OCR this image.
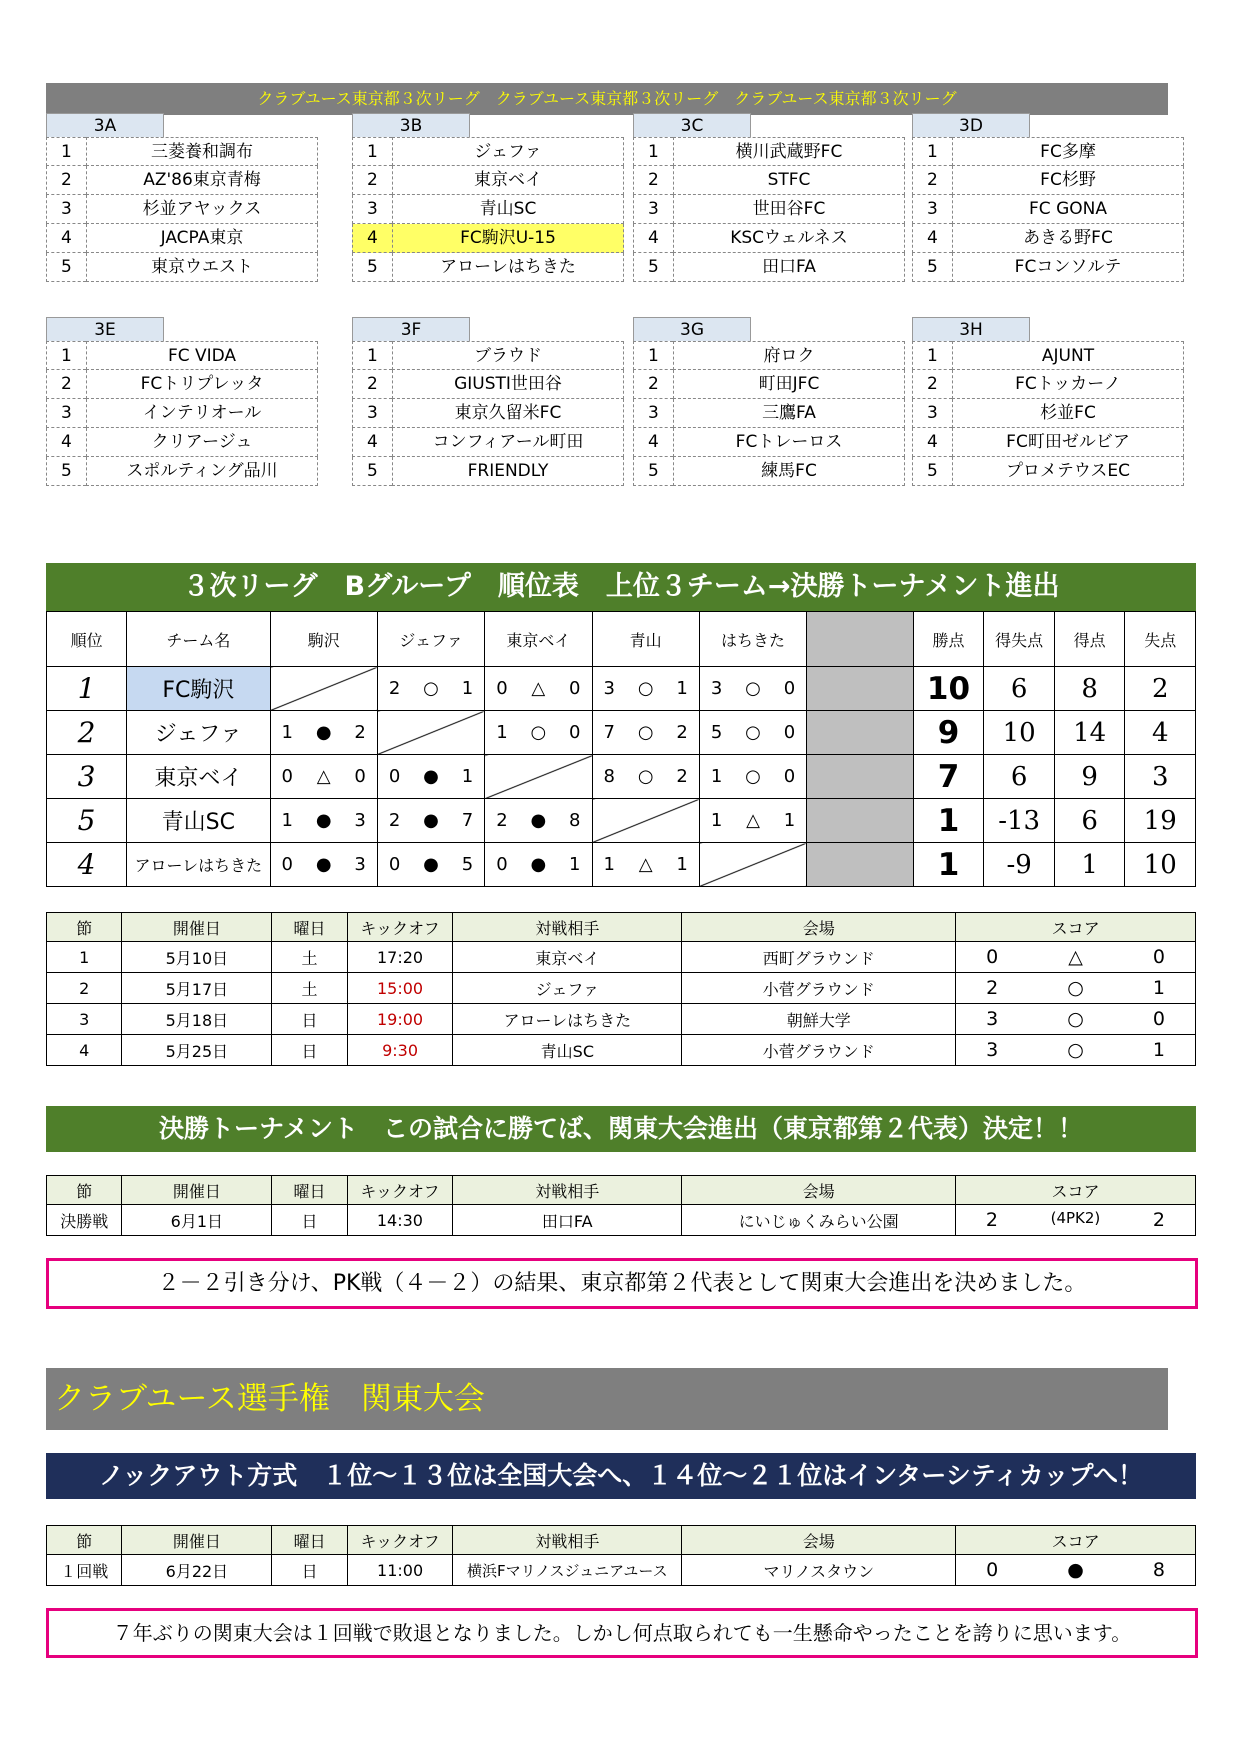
クラブユース東京都３次リーグ　クラブユース東京都３次リーグ　クラブユース東京都３次リーグ
3A
1	三菱養和調布
2	AZ'86東京青梅
3	杉並アヤックス
4	JACPA東京
5	東京ウエスト
3B
1	ジェファ
2	東京ベイ
3	青山SC
4	FC駒沢U-15
5	アローレはちきた
3C
1	横川武蔵野FC
2	STFC
3	世田谷FC
4	KSCウェルネス
5	田口FA
3D
1	FC多摩
2	FC杉野
3	FC GONA
4	あきる野FC
5	FCコンソルテ
3E
1	FC VIDA
2	FCトリプレッタ
3	インテリオール
4	クリアージュ
5	スポルティング品川
3F
1	ブラウド
2	GIUSTI世田谷
3	東京久留米FC
4	コンフィアール町田
5	FRIENDLY
3G
1	府ロク
2	町田JFC
3	三鷹FA
4	FCトレーロス
5	練馬FC
3H
1	AJUNT
2	FCトッカーノ
3	杉並FC
4	FC町田ゼルビア
5	プロメテウスEC
３次リーグ　Bグループ　順位表　上位３チーム→決勝トーナメント進出
順位	チーム名	駒沢	ジェファ	東京ベイ	青山	はちきた		勝点	得失点	得点	失点
1	FC駒沢		2 ○ 1	0 △ 0	3 ○ 1	3 ○ 0		10	6	8	2
2	ジェファ	1 ● 2		1 ○ 0	7 ○ 2	5 ○ 0		9	10	14	4
3	東京ベイ	0 △ 0	0 ● 1		8 ○ 2	1 ○ 0		7	6	9	3
5	青山SC	1 ● 3	2 ● 7	2 ● 8		1 △ 1		1	-13	6	19
4	アローレはちきた	0 ● 3	0 ● 5	0 ● 1	1 △ 1			1	-9	1	10
節	開催日	曜日	キックオフ	対戦相手	会場	スコア
1	5月10日	土	17:20	東京ベイ	西町グラウンド	0 △ 0

2	5月17日	土	15:00	ジェファ	小菅グラウンド	2 ○ 1

3	5月18日	日	19:00	アローレはちきた	朝鮮大学	3 ○ 0

4	5月25日	日	9:30	青山SC	小菅グラウンド	3 ○ 1
決勝トーナメント　この試合に勝てば、関東大会進出（東京都第２代表）決定！！
節	開催日	曜日	キックオフ	対戦相手	会場	スコア
決勝戦	6月1日	日	14:30	田口FA	にいじゅくみらい公園	2 (4PK2) 2
２－２引き分け、PK戦（４－２）の結果、東京都第２代表として関東大会進出を決めました。
クラブユース選手権　関東大会
ノックアウト方式　１位～１３位は全国大会へ、１４位～２１位はインターシティカップへ！
節	開催日	曜日	キックオフ	対戦相手	会場	スコア
１回戦	6月22日	日	11:00	横浜Fマリノスジュニアユース	マリノスタウン	0 ● 8
７年ぶりの関東大会は１回戦で敗退となりました。しかし何点取られても一生懸命やったことを誇りに思います。
